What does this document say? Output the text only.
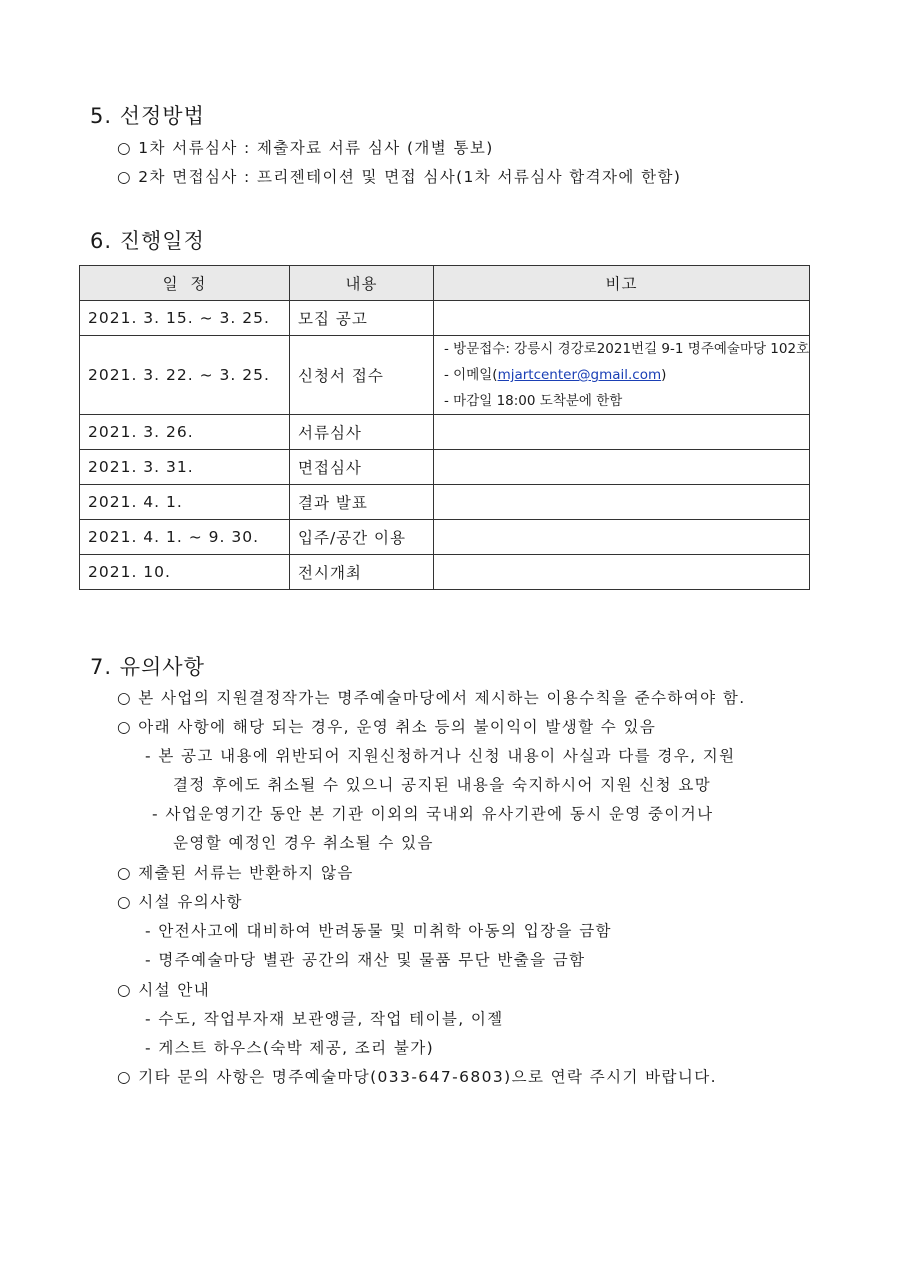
5. 선정방법
○ 1차 서류심사 : 제출자료 서류 심사 (개별 통보)
○ 2차 면접심사 : 프리젠테이션 및 면접 심사(1차 서류심사 합격자에 한함)
6. 진행일정
일  정	내용	비고
2021. 3. 15. ~ 3. 25.	모집 공고	
2021. 3. 22. ~ 3. 25.	신청서 접수	- 방문접수: 강릉시 경강로2021번길 9-1 명주예술마당 102호
- 이메일(mjartcenter@gmail.com)
- 마감일 18:00 도착분에 한함

2021. 3. 26.	서류심사	
2021. 3. 31.	면접심사	
2021. 4. 1.	결과 발표	
2021. 4. 1. ~ 9. 30.	입주/공간 이용	
2021. 10.	전시개최	
7. 유의사항
○ 본 사업의 지원결정작가는 명주예술마당에서 제시하는 이용수칙을 준수하여야 함.
○ 아래 사항에 해당 되는 경우, 운영 취소 등의 불이익이 발생할 수 있음
- 본 공고 내용에 위반되어 지원신청하거나 신청 내용이 사실과 다를 경우, 지원
결정 후에도 취소될 수 있으니 공지된 내용을 숙지하시어 지원 신청 요망
- 사업운영기간 동안 본 기관 이외의 국내외 유사기관에 동시 운영 중이거나
운영할 예정인 경우 취소될 수 있음
○ 제출된 서류는 반환하지 않음
○ 시설 유의사항
- 안전사고에 대비하여 반려동물 및 미취학 아동의 입장을 금함
- 명주예술마당 별관 공간의 재산 및 물품 무단 반출을 금함
○ 시설 안내
- 수도, 작업부자재 보관앵글, 작업 테이블, 이젤
- 게스트 하우스(숙박 제공, 조리 불가)
○ 기타 문의 사항은 명주예술마당(033-647-6803)으로 연락 주시기 바랍니다.
